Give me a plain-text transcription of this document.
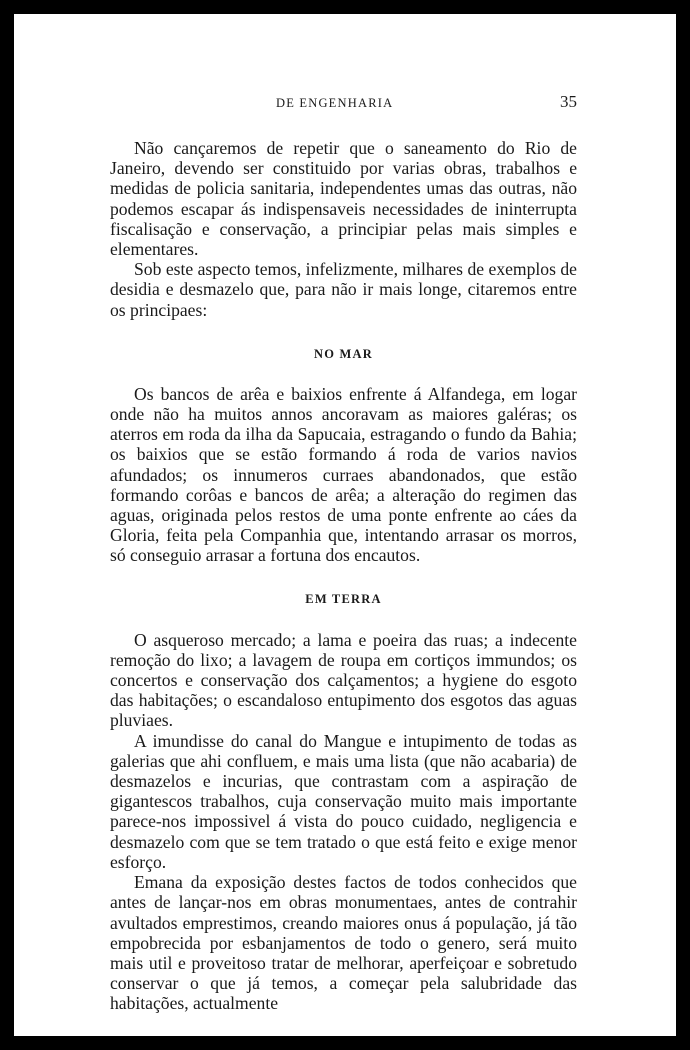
DE ENGENHARIA	35

Não cançaremos de repetir que o saneamento do Rio de Janeiro, devendo ser constituido por varias obras, trabalhos e medidas de policia sanitaria, independentes umas das outras, não podemos escapar ás indispensaveis necessidades de ininterrupta fiscalisação e conservação, a principiar pelas mais simples e elementares.

Sob este aspecto temos, infelizmente, milhares de exemplos de desidia e desmazelo que, para não ir mais longe, citaremos entre os principaes:

NO MAR

Os bancos de arêa e baixios enfrente á Alfandega, em logar onde não ha muitos annos ancoravam as maiores galéras; os aterros em roda da ilha da Sapucaia, estragando o fundo da Bahia; os baixios que se estão formando á roda de varios navios afundados; os innumeros curraes abandonados, que estão formando corôas e bancos de arêa; a alteração do regimen das aguas, originada pelos restos de uma ponte enfrente ao cáes da Gloria, feita pela Companhia que, intentando arrasar os morros, só conseguio arrasar a fortuna dos encautos.

EM TERRA

O asqueroso mercado; a lama e poeira das ruas; a indecente remoção do lixo; a lavagem de roupa em cortiços immundos; os concertos e conservação dos calçamentos; a hygiene do esgoto das habitações; o escandaloso entupimento dos esgotos das aguas pluviaes.

A imundisse do canal do Mangue e intupimento de todas as galerias que ahi confluem, e mais uma lista (que não acabaria) de desmazelos e incurias, que contrastam com a aspiração de gigantescos trabalhos, cuja conservação muito mais importante parece-nos impossivel á vista do pouco cuidado, negligencia e desmazelo com que se tem tratado o que está feito e exige menor esforço.

Emana da exposição destes factos de todos conhecidos que antes de lançar-nos em obras monumentaes, antes de contrahir avultados emprestimos, creando maiores onus á população, já tão empobrecida por esbanjamentos de todo o genero, será muito mais util e proveitoso tratar de melhorar, aperfeiçoar e sobretudo conservar o que já temos, a começar pela salubridade das habitações, actualmente
